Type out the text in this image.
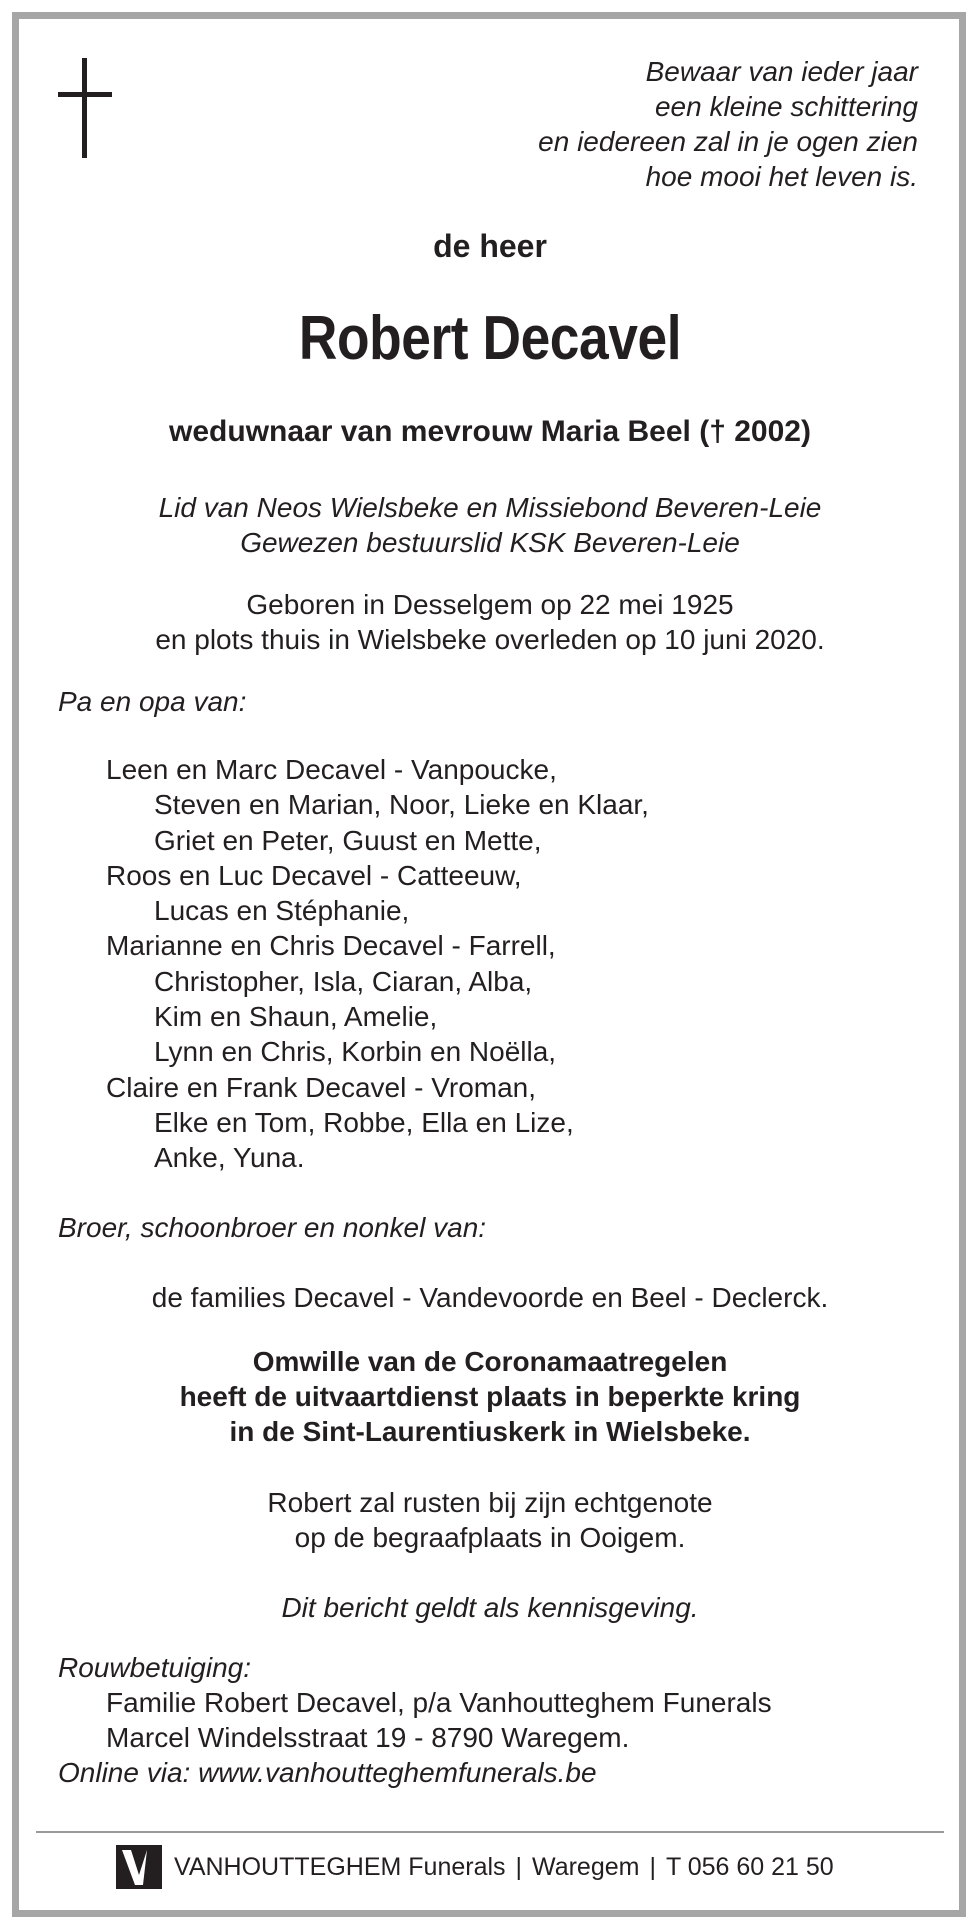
Bewaar van ieder jaar
een kleine schittering
en iedereen zal in je ogen zien
hoe mooi het leven is.
de heer
Robert Decavel
weduwnaar van mevrouw Maria Beel († 2002)
Lid van Neos Wielsbeke en Missiebond Beveren-Leie
Gewezen bestuurslid KSK Beveren-Leie
Geboren in Desselgem op 22 mei 1925
en plots thuis in Wielsbeke overleden op 10 juni 2020.
Pa en opa van:
Leen en Marc Decavel - Vanpoucke,
Steven en Marian, Noor, Lieke en Klaar,
Griet en Peter, Guust en Mette,
Roos en Luc Decavel - Catteeuw,
Lucas en Stéphanie,
Marianne en Chris Decavel - Farrell,
Christopher, Isla, Ciaran, Alba,
Kim en Shaun, Amelie,
Lynn en Chris, Korbin en Noëlla,
Claire en Frank Decavel - Vroman,
Elke en Tom, Robbe, Ella en Lize,
Anke, Yuna.
Broer, schoonbroer en nonkel van:
de families Decavel - Vandevoorde en Beel - Declerck.
Omwille van de Coronamaatregelen
heeft de uitvaartdienst plaats in beperkte kring
in de Sint-Laurentiuskerk in Wielsbeke.
Robert zal rusten bij zijn echtgenote
op de begraafplaats in Ooigem.
Dit bericht geldt als kennisgeving.
Rouwbetuiging:
Familie Robert Decavel, p/a Vanhoutteghem Funerals
Marcel Windelsstraat 19 - 8790 Waregem.
Online via: www.vanhoutteghemfunerals.be
VANHOUTTEGHEM Funerals | Waregem | T 056 60 21 50
